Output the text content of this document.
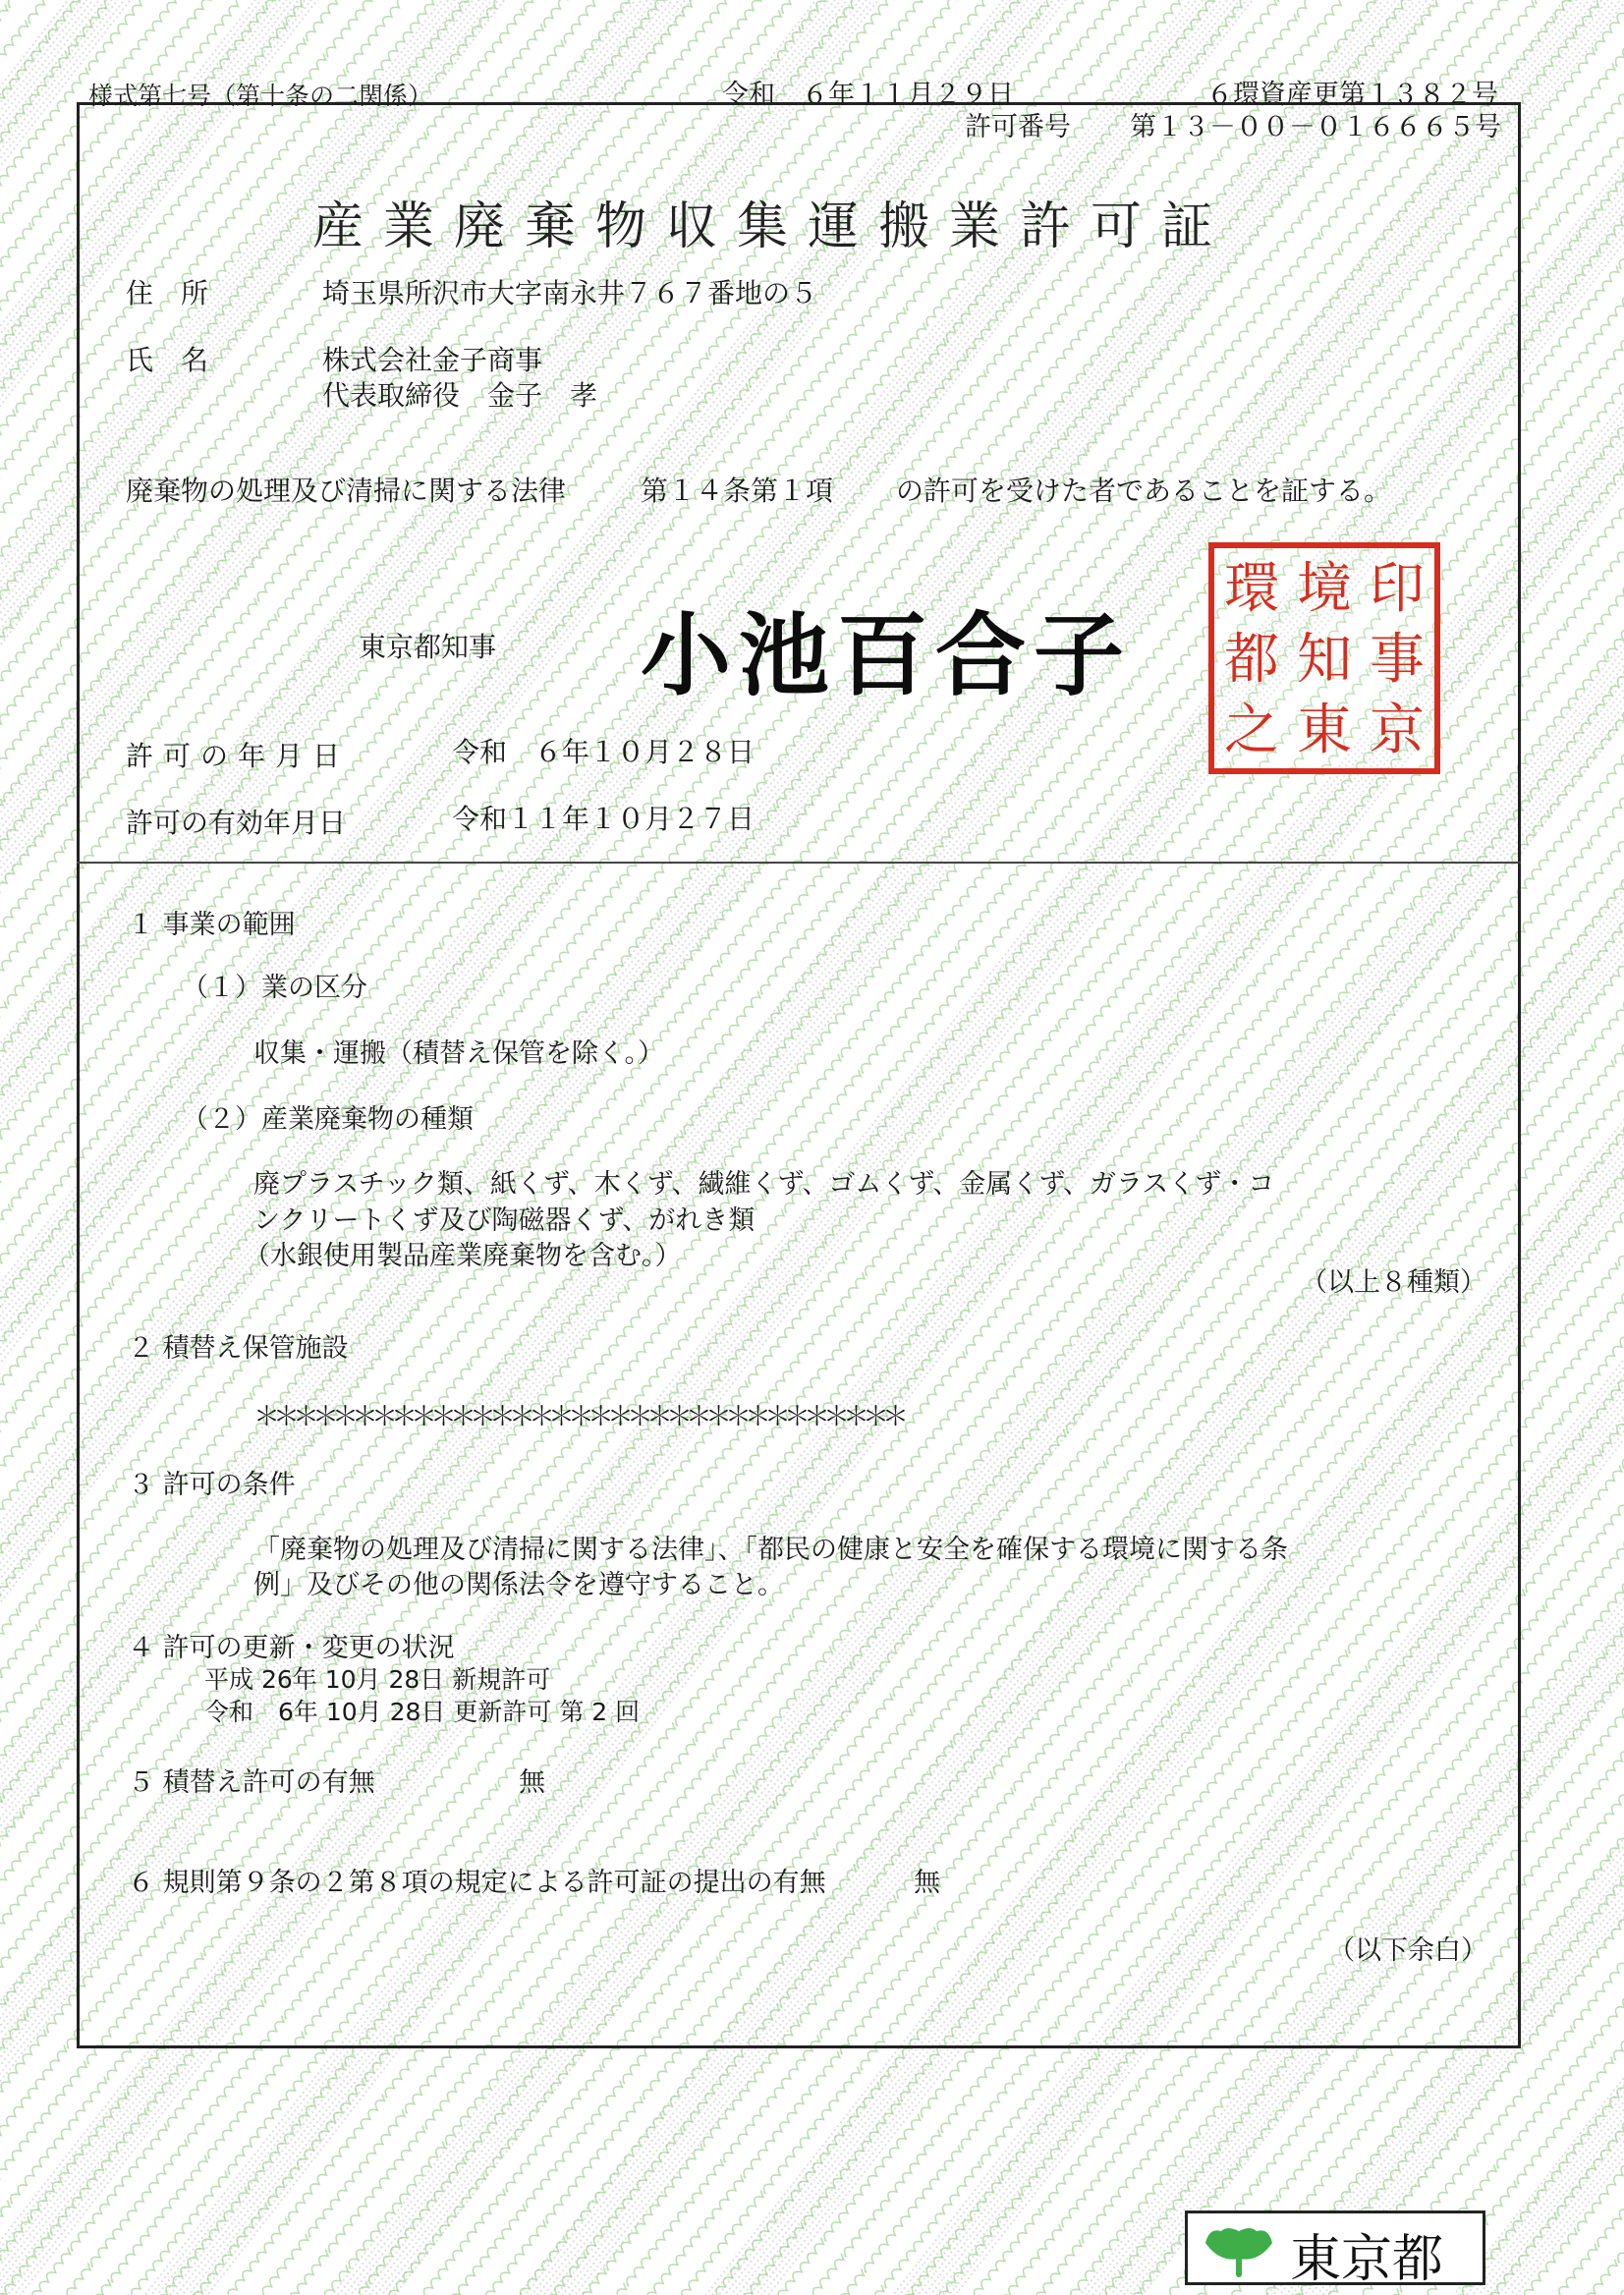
様式第七号（第十条の二関係）	令和　６年１１月２９日	６環資産更第１３８２号
許可番号 第１３－００－０１６６６５号
産業廃棄物収集運搬業許可証
住　所	埼玉県所沢市大字南永井７６７番地の５
氏　名	株式会社金子商事
代表取締役　金子　孝
廃棄物の処理及び清掃に関する法律	第１４条第１項 の許可を受けた者であることを証する。
東京都知事 小池百合子
環 境 印
都 知 事
之 東 京
許可の年月日	令和　６年１０月２８日
許可の有効年月日	令和１１年１０月２７日
１ 事業の範囲
（１）業の区分
収集・運搬（積替え保管を除く。）
（２）産業廃棄物の種類
廃プラスチック類、紙くず、木くず、繊維くず、ゴムくず、金属くず、ガラスくず・コ
ンクリートくず及び陶磁器くず、がれき類
（水銀使用製品産業廃棄物を含む。）
（以上８種類）
２ 積替え保管施設
＊＊＊＊＊＊＊＊＊＊＊＊＊＊＊＊＊＊＊＊＊＊＊＊＊＊＊＊＊＊＊＊＊
３ 許可の条件
「廃棄物の処理及び清掃に関する法律」、「都民の健康と安全を確保する環境に関する条
例」及びその他の関係法令を遵守すること。
４ 許可の更新・変更の状況
平成 26年 10月 28日 新規許可
令和　6年 10月 28日 更新許可 第 2 回
５ 積替え許可の有無	無
６ 規則第９条の２第８項の規定による許可証の提出の有無	無
（以下余白）
東京都
